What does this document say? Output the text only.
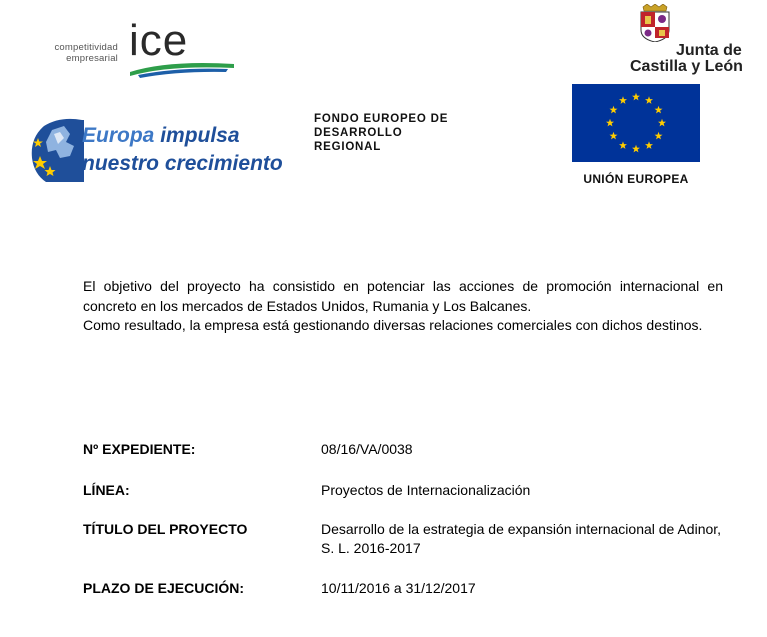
competitividad
empresarial ice	Junta de
Castilla y León
Europa impulsa
nuestro crecimiento
FONDO EUROPEO DE
DESARROLLO
REGIONAL
UNIÓN EUROPEA

El objetivo del proyecto ha consistido en potenciar las acciones de promoción internacional en concreto en los mercados de Estados Unidos, Rumania y Los Balcanes.

Como resultado, la empresa está gestionando diversas relaciones comerciales con dichos destinos.

Nº EXPEDIENTE:	08/16/VA/0038
LÍNEA:	Proyectos de Internacionalización
TÍTULO DEL PROYECTO	Desarrollo de la estrategia de expansión internacional de Adinor, S. L. 2016-2017
PLAZO DE EJECUCIÓN:	10/11/2016 a 31/12/2017
